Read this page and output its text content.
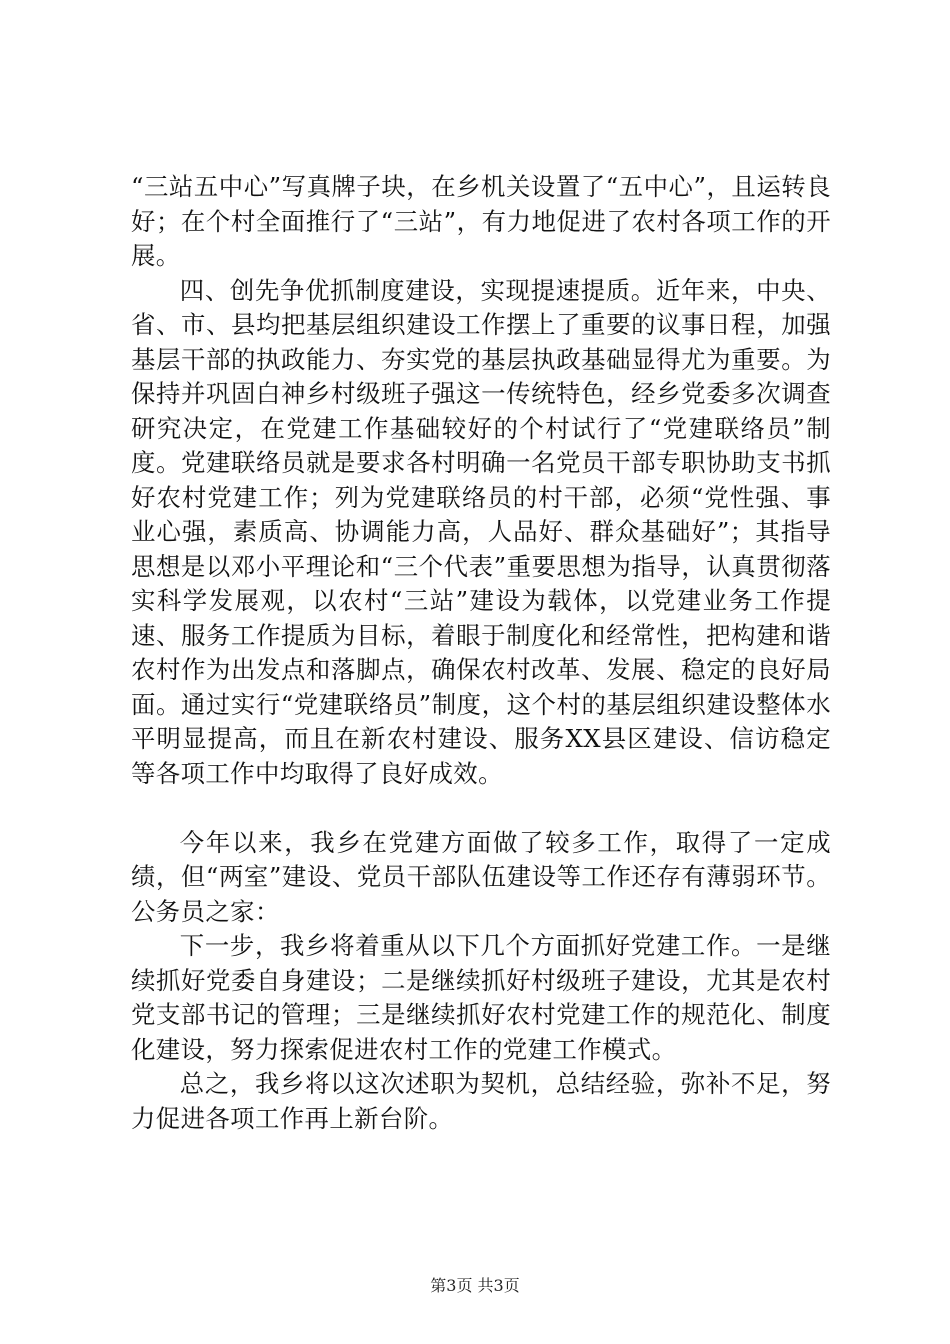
“三站五中心”写真牌子块，在乡机关设置了“五中心”，且运转良好；在个村全面推行了“三站”，有力地促进了农村各项工作的开展。

四、创先争优抓制度建设，实现提速提质。近年来，中央、省、市、县均把基层组织建设工作摆上了重要的议事日程，加强基层干部的执政能力、夯实党的基层执政基础显得尤为重要。为保持并巩固白神乡村级班子强这一传统特色，经乡党委多次调查研究决定，在党建工作基础较好的个村试行了“党建联络员”制度。党建联络员就是要求各村明确一名党员干部专职协助支书抓好农村党建工作；列为党建联络员的村干部，必须“党性强、事业心强，素质高、协调能力高，人品好、群众基础好”；其指导思想是以邓小平理论和“三个代表”重要思想为指导，认真贯彻落实科学发展观，以农村“三站”建设为载体，以党建业务工作提速、服务工作提质为目标，着眼于制度化和经常性，把构建和谐农村作为出发点和落脚点，确保农村改革、发展、稳定的良好局面。通过实行“党建联络员”制度，这个村的基层组织建设整体水平明显提高，而且在新农村建设、服务XX县区建设、信访稳定等各项工作中均取得了良好成效。

今年以来，我乡在党建方面做了较多工作，取得了一定成绩，但“两室”建设、党员干部队伍建设等工作还存有薄弱环节。公务员之家：

下一步，我乡将着重从以下几个方面抓好党建工作。一是继续抓好党委自身建设；二是继续抓好村级班子建设，尤其是农村党支部书记的管理；三是继续抓好农村党建工作的规范化、制度化建设，努力探索促进农村工作的党建工作模式。

总之，我乡将以这次述职为契机，总结经验，弥补不足，努力促进各项工作再上新台阶。

第3页 共3页
